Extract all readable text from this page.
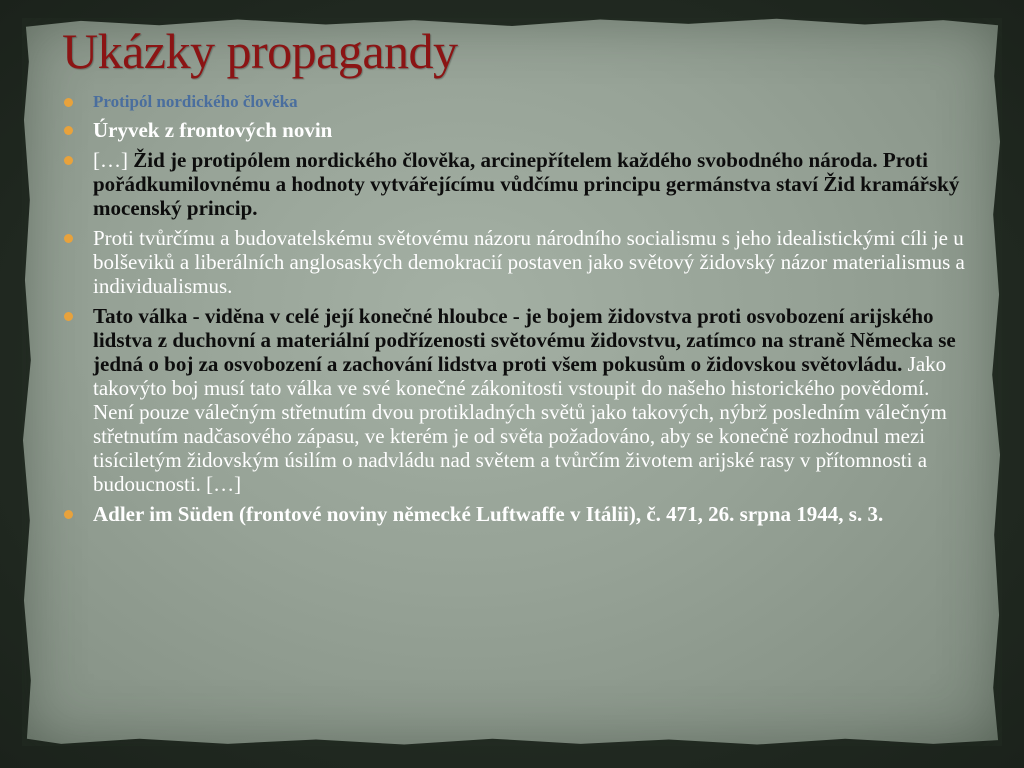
Ukázky propagandy
Protipól nordického člověka
Úryvek z frontových novin
[…] Žid je protipólem nordického člověka, arcinepřítelem každého svobodného národa. Proti pořádkumilovnému a hodnoty vytvářejícímu vůdčímu principu germánstva staví Žid kramářský mocenský princip.
Proti tvůrčímu a budovatelskému světovému názoru národního socialismu s jeho idealistickými cíli je u bolševiků a liberálních anglosaských demokracií postaven jako světový židovský názor materialismus a individualismus.
Tato válka - viděna v celé její konečné hloubce - je bojem židovstva proti osvobození arijského lidstva z duchovní a materiální podřízenosti světovému židovstvu, zatímco na straně Německa se jedná o boj za osvobození a zachování lidstva proti všem pokusům o židovskou světovládu. Jako takovýto boj musí tato válka ve své konečné zákonitosti vstoupit do našeho historického povědomí. Není pouze válečným střetnutím dvou protikladných světů jako takových, nýbrž posledním válečným střetnutím nadčasového zápasu, ve kterém je od světa požadováno, aby se konečně rozhodnul mezi tisíciletým židovským úsilím o nadvládu nad světem a tvůrčím životem arijské rasy v přítomnosti a budoucnosti. […]
Adler im Süden (frontové noviny německé Luftwaffe v Itálii), č. 471, 26. srpna 1944, s. 3.
